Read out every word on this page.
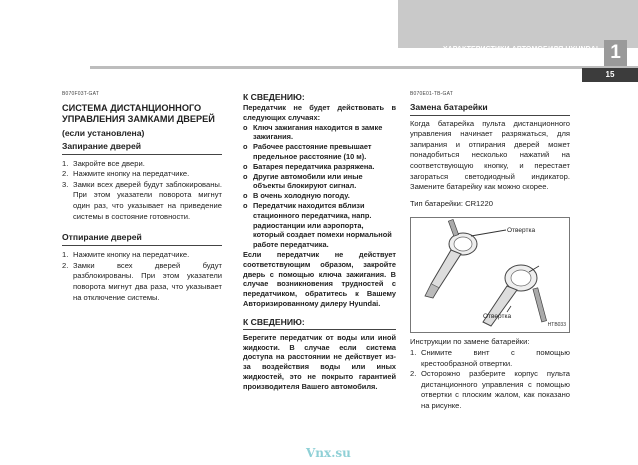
ХАРАКТЕРИСТИКИ АВТОМОБИЛЯ HYUNDAI 1
15
B070F03T-GAT
СИСТЕМА ДИСТАНЦИОННОГО УПРАВЛЕНИЯ ЗАМКАМИ ДВЕРЕЙ
(если установлена)
Запирание дверей
1. Закройте все двери.
2. Нажмите кнопку на передатчике.
3. Замки всех дверей будут заблокированы. При этом указатели поворота мигнут один раз, что указывает на приведение системы в состояние готовности.
Отпирание дверей
1. Нажмите кнопку на передатчике.
2. Замки всех дверей будут разблокированы. При этом указатели поворота мигнут два раза, что указывает на отключение системы.
К СВЕДЕНИЮ:
Передатчик не будет действовать в следующих случаях:
o Ключ зажигания находится в замке зажигания.
o Рабочее расстояние превышает предельное расстояние (10 м).
o Батарея передатчика разряжена.
o Другие автомобили или иные объекты блокируют сигнал.
o В очень холодную погоду.
o Передатчик находится вблизи стационного передатчика, напр. радиостанции или аэропорта, который создает помехи нормальной работе передатчика.
Если передатчик не действует соответствующим образом, закройте дверь с помощью ключа зажигания. В случае возникновения трудностей с передатчиком, обратитесь к Вашему Авторизированному дилеру Hyundai.
К СВЕДЕНИЮ:
Берегите передатчик от воды или иной жидкости. В случае если система доступа на расстоянии не действует из-за воздействия воды или иных жидкостей, это не покрыто гарантией производителя Вашего автомобиля.
B070E01-TB-GAT
Замена батарейки
Когда батарейка пульта дистанционного управления начинает разряжаться, для запирания и отпирания дверей может понадобиться несколько нажатий на соответствующую кнопку, и перестает загораться светодиодный индикатор. Замените батарейку как можно скорее.
Тип батарейки: CR1220
Отвертка
Отвертка
HTB033
Инструкции по замене батарейки:
1. Снимите винт с помощью крестообразной отвертки.
2. Осторожно разберите корпус пульта дистанционного управления с помощью отвертки с плоским жалом, как показано на рисунке.
Vnx.su
